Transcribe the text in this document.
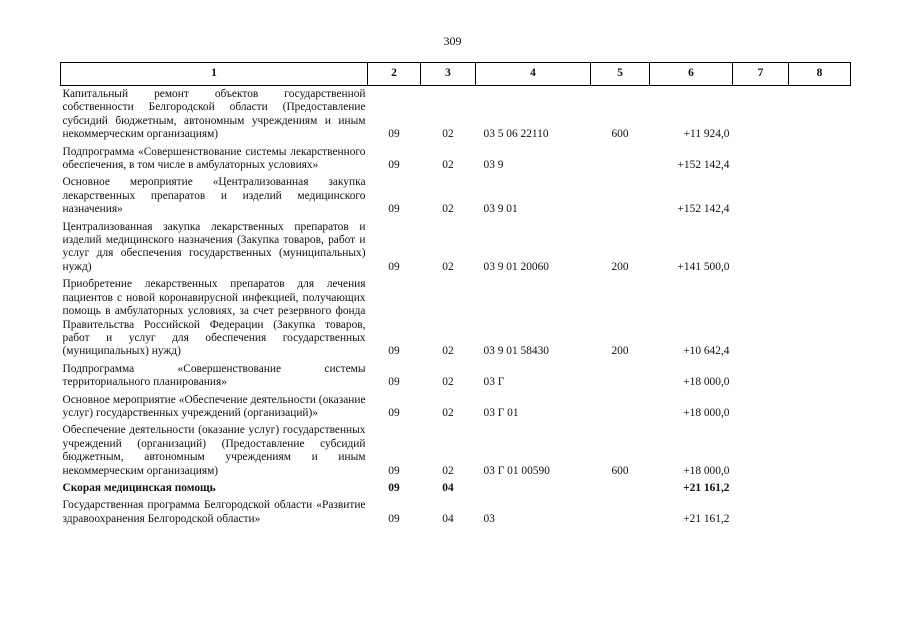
309
1	2	3	4	5	6	7	8
Капитальный ремонт объектов государственной собственности Белгородской области (Предоставление субсидий бюджетным, автономным учреждениям и иным некоммерческим организациям)	09	02	03 5 06 22110	600	+11 924,0		
Подпрограмма «Совершенствование системы лекарственного обеспечения, в том числе в амбулаторных условиях»	09	02	03 9		+152 142,4		
Основное мероприятие «Централизованная закупка лекарственных препаратов и изделий медицинского назначения»	09	02	03 9 01		+152 142,4		
Централизованная закупка лекарственных препаратов и изделий медицинского назначения (Закупка товаров, работ и услуг для обеспечения государственных (муниципальных) нужд)	09	02	03 9 01 20060	200	+141 500,0		
Приобретение лекарственных препаратов для лечения пациентов с новой коронавирусной инфекцией, получающих помощь в амбулаторных условиях, за счет резервного фонда Правительства Российской Федерации (Закупка товаров, работ и услуг для обеспечения государственных (муниципальных) нужд)	09	02	03 9 01 58430	200	+10 642,4		
Подпрограмма «Совершенствование системы территориального планирования»	09	02	03 Г		+18 000,0		
Основное мероприятие «Обеспечение деятельности (оказание услуг) государственных учреждений (организаций)»	09	02	03 Г 01		+18 000,0		
Обеспечение деятельности (оказание услуг) государственных учреждений (организаций) (Предоставление субсидий бюджетным, автономным учреждениям и иным некоммерческим организациям)	09	02	03 Г 01 00590	600	+18 000,0		
Скорая медицинская помощь	09	04			+21 161,2		
Государственная программа Белгородской области «Развитие здравоохранения Белгородской области»	09	04	03		+21 161,2		
